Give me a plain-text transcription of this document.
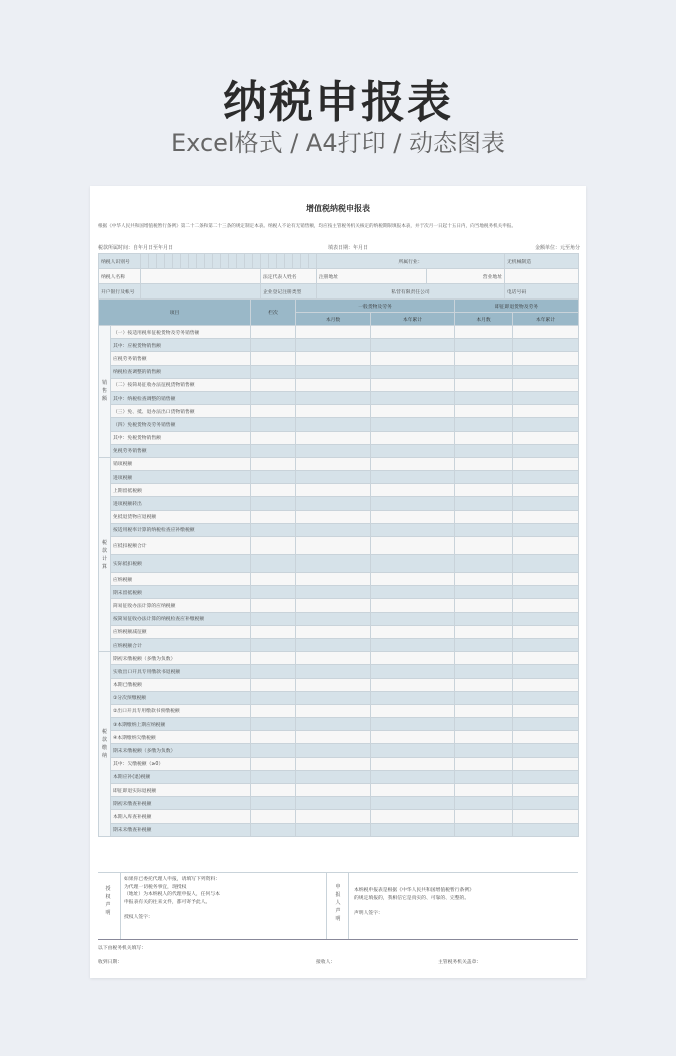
纳税申报表
Excel格式 / A4打印 / 动态图表
增值税纳税申报表
根据《中华人民共和国增值税暂行条例》第二十二条和第二十三条的规定制定本表。纳税人不论有无销售额，均应按主管税务机关核定的纳税期限填报本表，并于次月一日起十五日内，向当地税务机关申报。
税款所属时间：自年月日至年月日	填表日期：年月日	金额单位：元至角分
纳税人识别号																							所属行业：		无机械制造
纳税人名称																法定代表人姓名							注册地址	营业地址	
开户银行及帐号																企业登记注册类型							私营有限责任公司		电话号码
项目		栏次	一般货物及劳务		即征即退货物及劳务	
			本月数	本年累计	本月数	本年累计

销售额	（一）按适用税率征税货物及劳务销售额					
	其中：应税货物销售额					
	应税劳务销售额					
	纳税检查调整的销售额					
	（二）按简易征收办法征税货物销售额					
	其中：纳税检查调整的销售额					
	（三）免、抵、退办法出口货物销售额					
	（四）免税货物及劳务销售额					
	其中：免税货物销售额					
	免税劳务销售额					

税款计算	销项税额					
	进项税额					
	上期留抵税额					
	进项税额转出					
	免抵退货物应退税额					
	按适用税率计算的纳税检查应补缴税额					
	应抵扣税额合计					
	实际抵扣税额					
	应纳税额					
	期末留抵税额					
	简易征收办法计算的应纳税额					
	按简易征收办法计算的纳税检查应补缴税额					
	应纳税额减征额					
	应纳税额合计					

税款缴纳	期初未缴税额（多缴为负数）					
	实收出口开具专用缴款书退税额					
	本期已缴税额					
	①分次预缴税额					
	②出口开具专用缴款书预缴税额					
	③本期缴纳上期应纳税额					
	④本期缴纳欠缴税额					
	期末未缴税额（多缴为负数）					
	其中：欠缴税额（≥0）					
	本期应补(退)税额					
	即征即退实际退税额					
	期初未缴查补税额					
	本期入库查补税额					
	期末未缴查补税额					
授权声明
如果你已委托代理人申报，请填写下列资料：
为代理一切税务事宜，现授权
（地址）为本纳税人的代理申报人，任何与本
申报表有关的往来文件，都可寄予此人。
授权人签字：
申报人声明
本纳税申报表是根据《中华人民共和国增值税暂行条例》
的规定填报的，我相信它是真实的、可靠的、完整的。
声明人签字：
以下由税务机关填写：
收到日期：	接收人：	主管税务机关盖章：
